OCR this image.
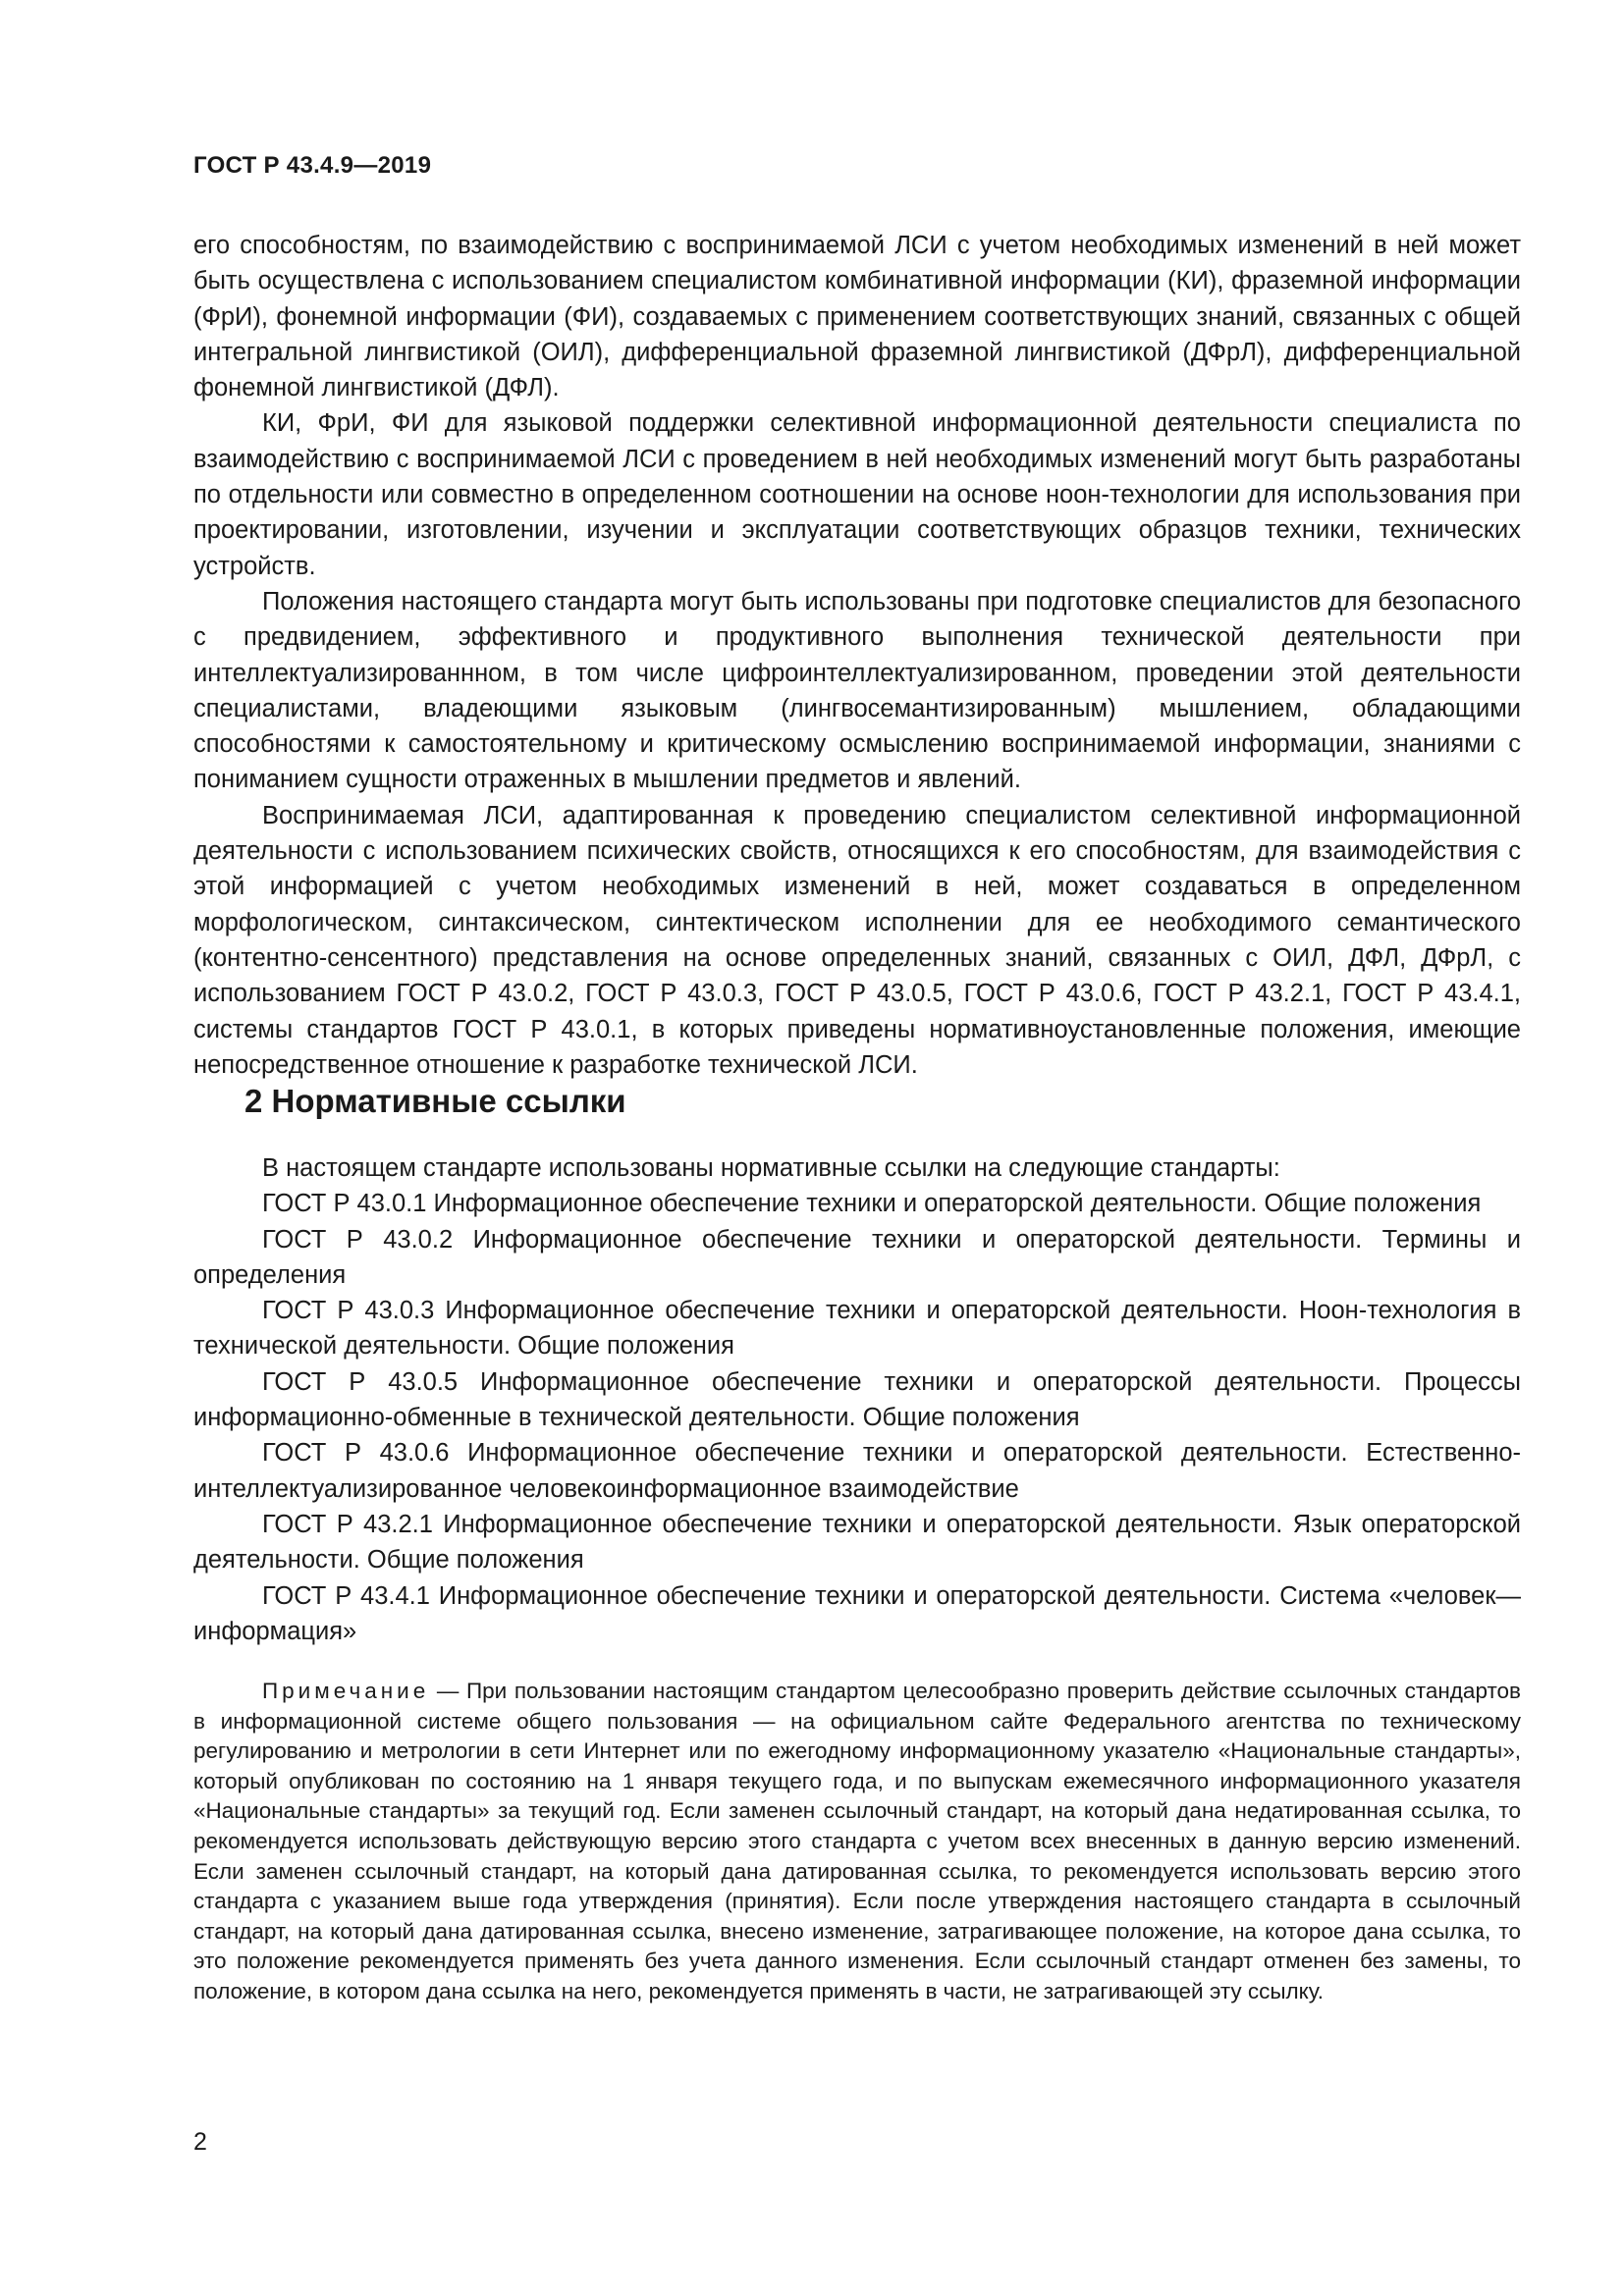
ГОСТ Р 43.4.9—2019

его способностям, по взаимодействию с воспринимаемой ЛСИ с учетом необходимых изменений в ней может быть осуществлена с использованием специалистом комбинативной информации (КИ), фраземной информации (ФрИ), фонемной информации (ФИ), создаваемых с применением соответствующих знаний, связанных с общей интегральной лингвистикой (ОИЛ), дифференциальной фраземной лингвистикой (ДФрЛ), дифференциальной фонемной лингвистикой (ДФЛ).

КИ, ФрИ, ФИ для языковой поддержки селективной информационной деятельности специалиста по взаимодействию с воспринимаемой ЛСИ с проведением в ней необходимых изменений могут быть разработаны по отдельности или совместно в определенном соотношении на основе ноон-технологии для использования при проектировании, изготовлении, изучении и эксплуатации соответствующих образцов техники, технических устройств.

Положения настоящего стандарта могут быть использованы при подготовке специалистов для безопасного с предвидением, эффективного и продуктивного выполнения технической деятельности при интеллектуализированнном, в том числе цифроинтеллектуализированном, проведении этой деятельности специалистами, владеющими языковым (лингвосемантизированным) мышлением, обладающими способностями к самостоятельному и критическому осмыслению воспринимаемой информации, знаниями с пониманием сущности отраженных в мышлении предметов и явлений.

Воспринимаемая ЛСИ, адаптированная к проведению специалистом селективной информационной деятельности с использованием психических свойств, относящихся к его способностям, для взаимодействия с этой информацией с учетом необходимых изменений в ней, может создаваться в определенном морфологическом, синтаксическом, синтектическом исполнении для ее необходимого семантического (контентно-сенсентного) представления на основе определенных знаний, связанных с ОИЛ, ДФЛ, ДФрЛ, с использованием ГОСТ Р 43.0.2, ГОСТ Р 43.0.3, ГОСТ Р 43.0.5, ГОСТ Р 43.0.6, ГОСТ Р 43.2.1, ГОСТ Р 43.4.1, системы стандартов ГОСТ Р 43.0.1, в которых приведены нормативноустановленные положения, имеющие непосредственное отношение к разработке технической ЛСИ.

2 Нормативные ссылки

В настоящем стандарте использованы нормативные ссылки на следующие стандарты:

ГОСТ Р 43.0.1 Информационное обеспечение техники и операторской деятельности. Общие положения

ГОСТ Р 43.0.2 Информационное обеспечение техники и операторской деятельности. Термины и определения

ГОСТ Р 43.0.3 Информационное обеспечение техники и операторской деятельности. Ноон-технология в технической деятельности. Общие положения

ГОСТ Р 43.0.5 Информационное обеспечение техники и операторской деятельности. Процессы информационно-обменные в технической деятельности. Общие положения

ГОСТ Р 43.0.6 Информационное обеспечение техники и операторской деятельности. Естественно-интеллектуализированное человекоинформационное взаимодействие

ГОСТ Р 43.2.1 Информационное обеспечение техники и операторской деятельности. Язык операторской деятельности. Общие положения

ГОСТ Р 43.4.1 Информационное обеспечение техники и операторской деятельности. Система «человек—информация»

Примечание — При пользовании настоящим стандартом целесообразно проверить действие ссылочных стандартов в информационной системе общего пользования — на официальном сайте Федерального агентства по техническому регулированию и метрологии в сети Интернет или по ежегодному информационному указателю «Национальные стандарты», который опубликован по состоянию на 1 января текущего года, и по выпускам ежемесячного информационного указателя «Национальные стандарты» за текущий год. Если заменен ссылочный стандарт, на который дана недатированная ссылка, то рекомендуется использовать действующую версию этого стандарта с учетом всех внесенных в данную версию изменений. Если заменен ссылочный стандарт, на который дана датированная ссылка, то рекомендуется использовать версию этого стандарта с указанием выше года утверждения (принятия). Если после утверждения настоящего стандарта в ссылочный стандарт, на который дана датированная ссылка, внесено изменение, затрагивающее положение, на которое дана ссылка, то это положение рекомендуется применять без учета данного изменения. Если ссылочный стандарт отменен без замены, то положение, в котором дана ссылка на него, рекомендуется применять в части, не затрагивающей эту ссылку.

2
